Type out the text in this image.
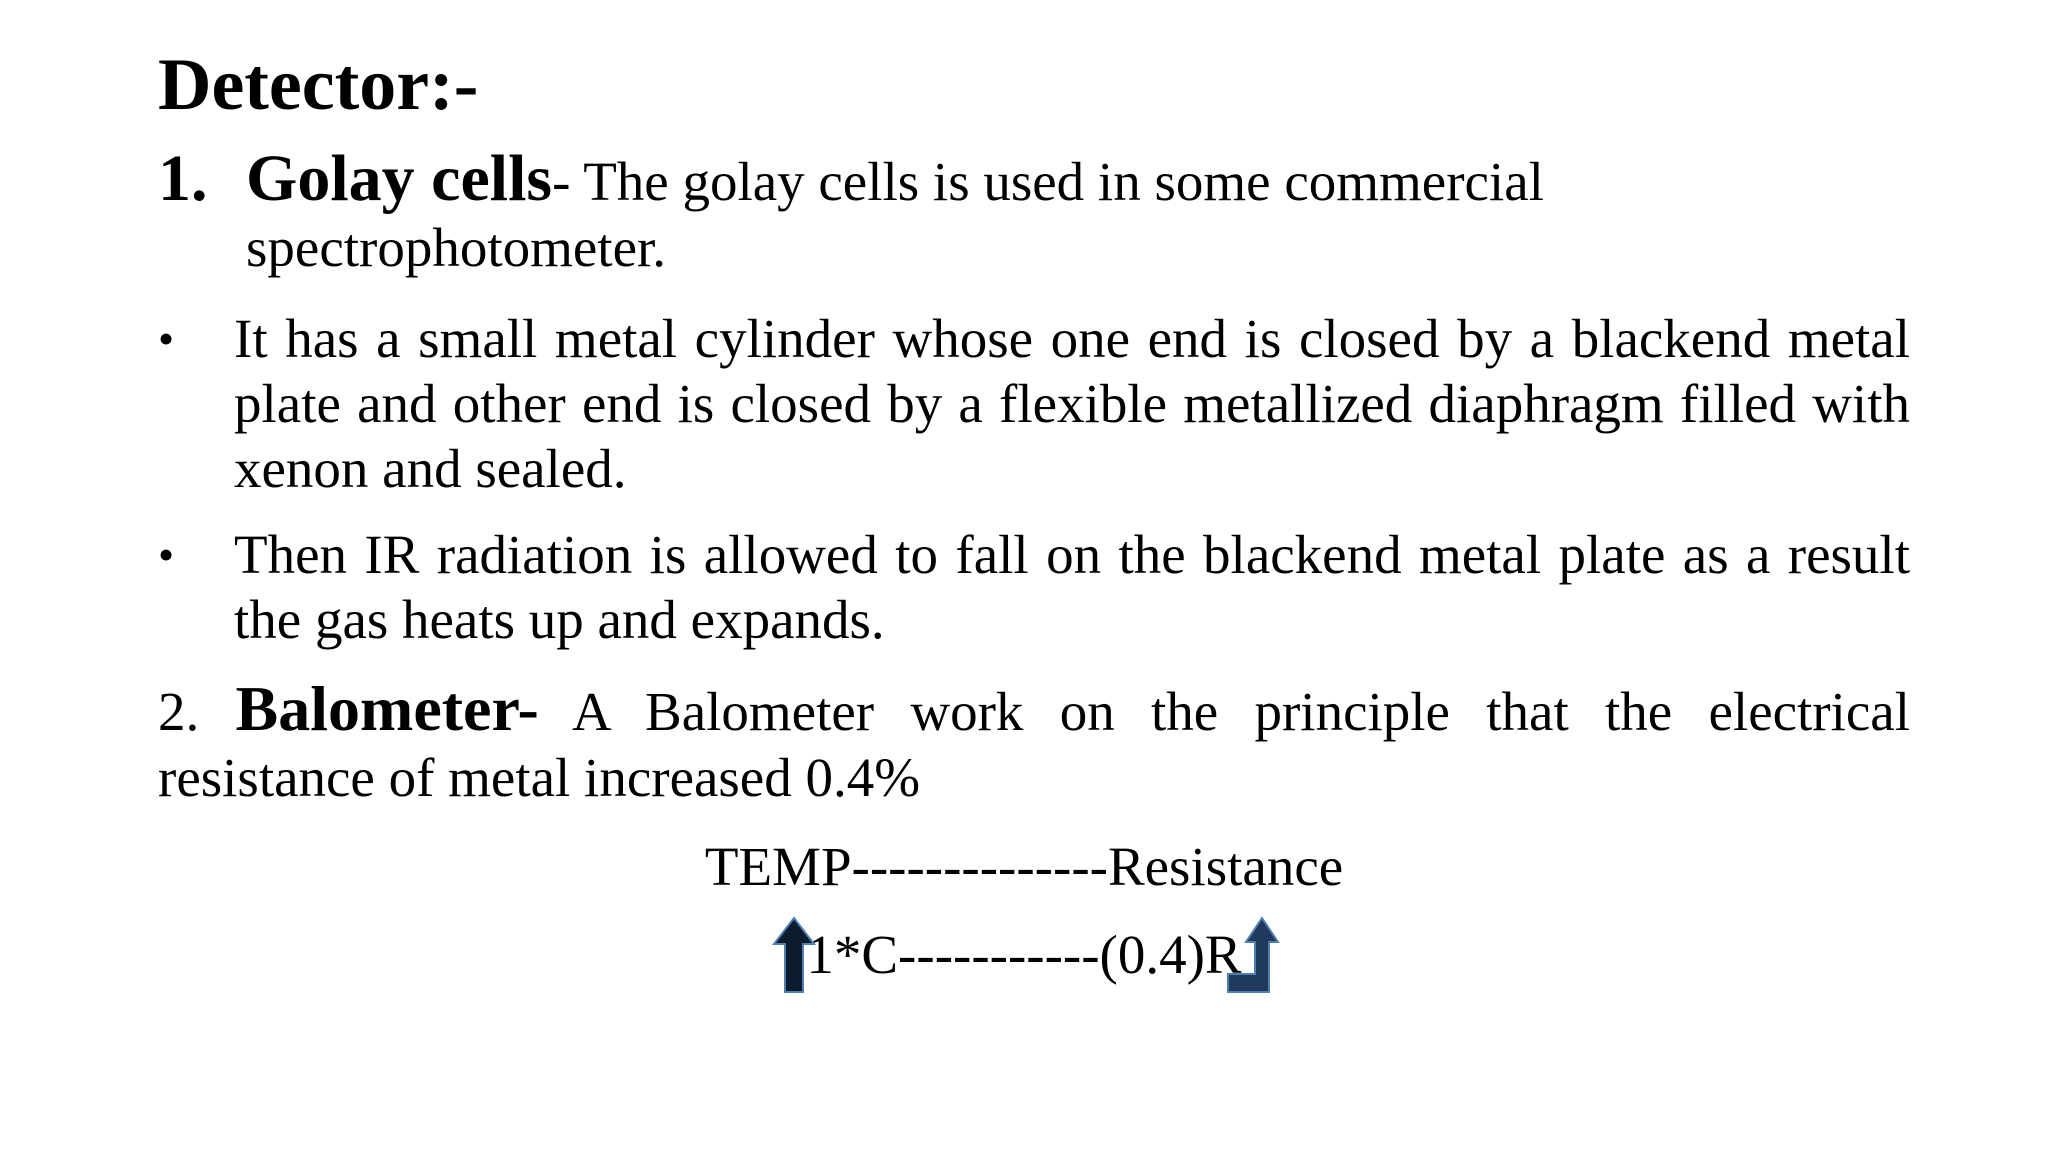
Detector:-
1. Golay cells- The golay cells is used in some commercial spectrophotometer.
• It has a small metal cylinder whose one end is closed by a blackend metal plate and other end is closed by a flexible metallized diaphragm filled with xenon and sealed.
• Then IR radiation is allowed to fall on the blackend metal plate as a result the gas heats up and expands.
2. Balometer- A Balometer work on the principle that the electrical resistance of metal increased 0.4%
TEMP--------------Resistance
1*C-----------(0.4)R
